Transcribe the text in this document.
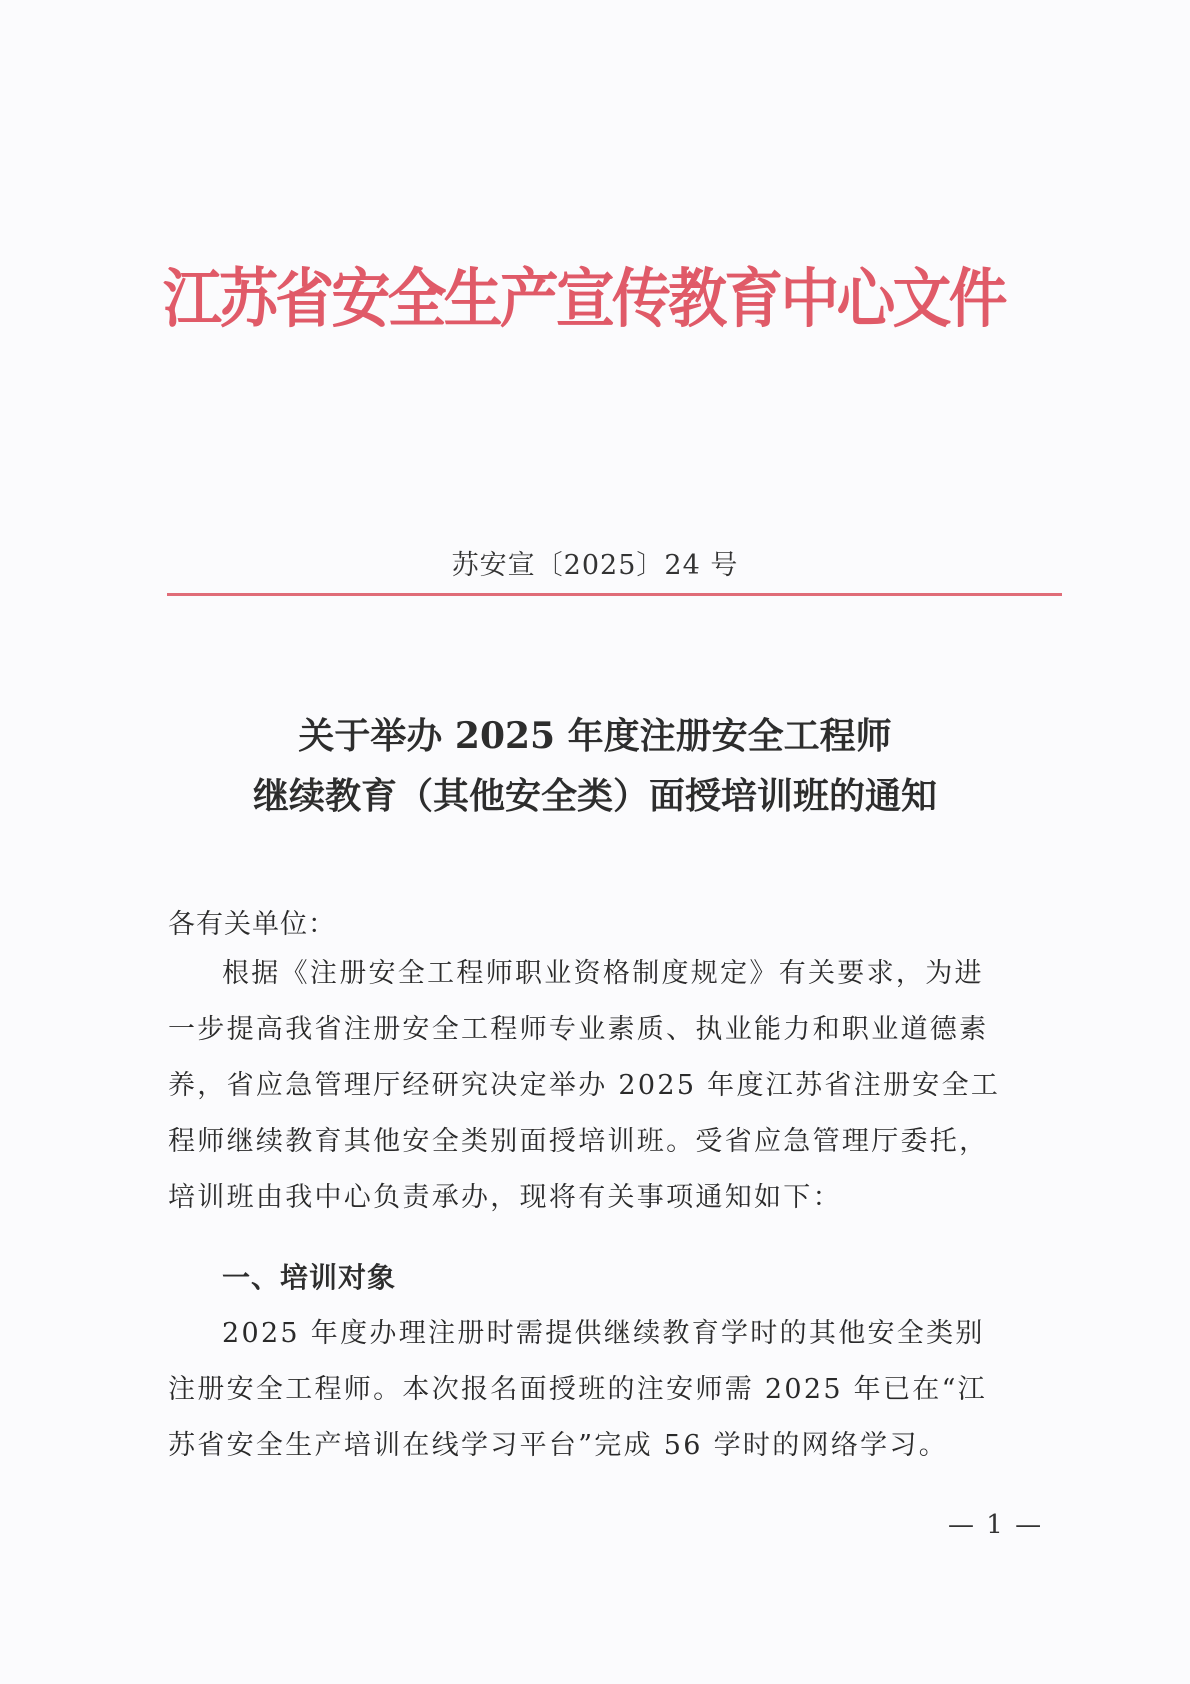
江苏省安全生产宣传教育中心文件
苏安宣〔2025〕24 号
关于举办 2025 年度注册安全工程师
继续教育（其他安全类）面授培训班的通知
各有关单位：
根据《注册安全工程师职业资格制度规定》有关要求，为进
一步提高我省注册安全工程师专业素质、执业能力和职业道德素
养，省应急管理厅经研究决定举办 2025 年度江苏省注册安全工
程师继续教育其他安全类别面授培训班。受省应急管理厅委托，
培训班由我中心负责承办，现将有关事项通知如下：
一、培训对象
2025 年度办理注册时需提供继续教育学时的其他安全类别
注册安全工程师。本次报名面授班的注安师需 2025 年已在“江
苏省安全生产培训在线学习平台”完成 56 学时的网络学习。
— 1 —
